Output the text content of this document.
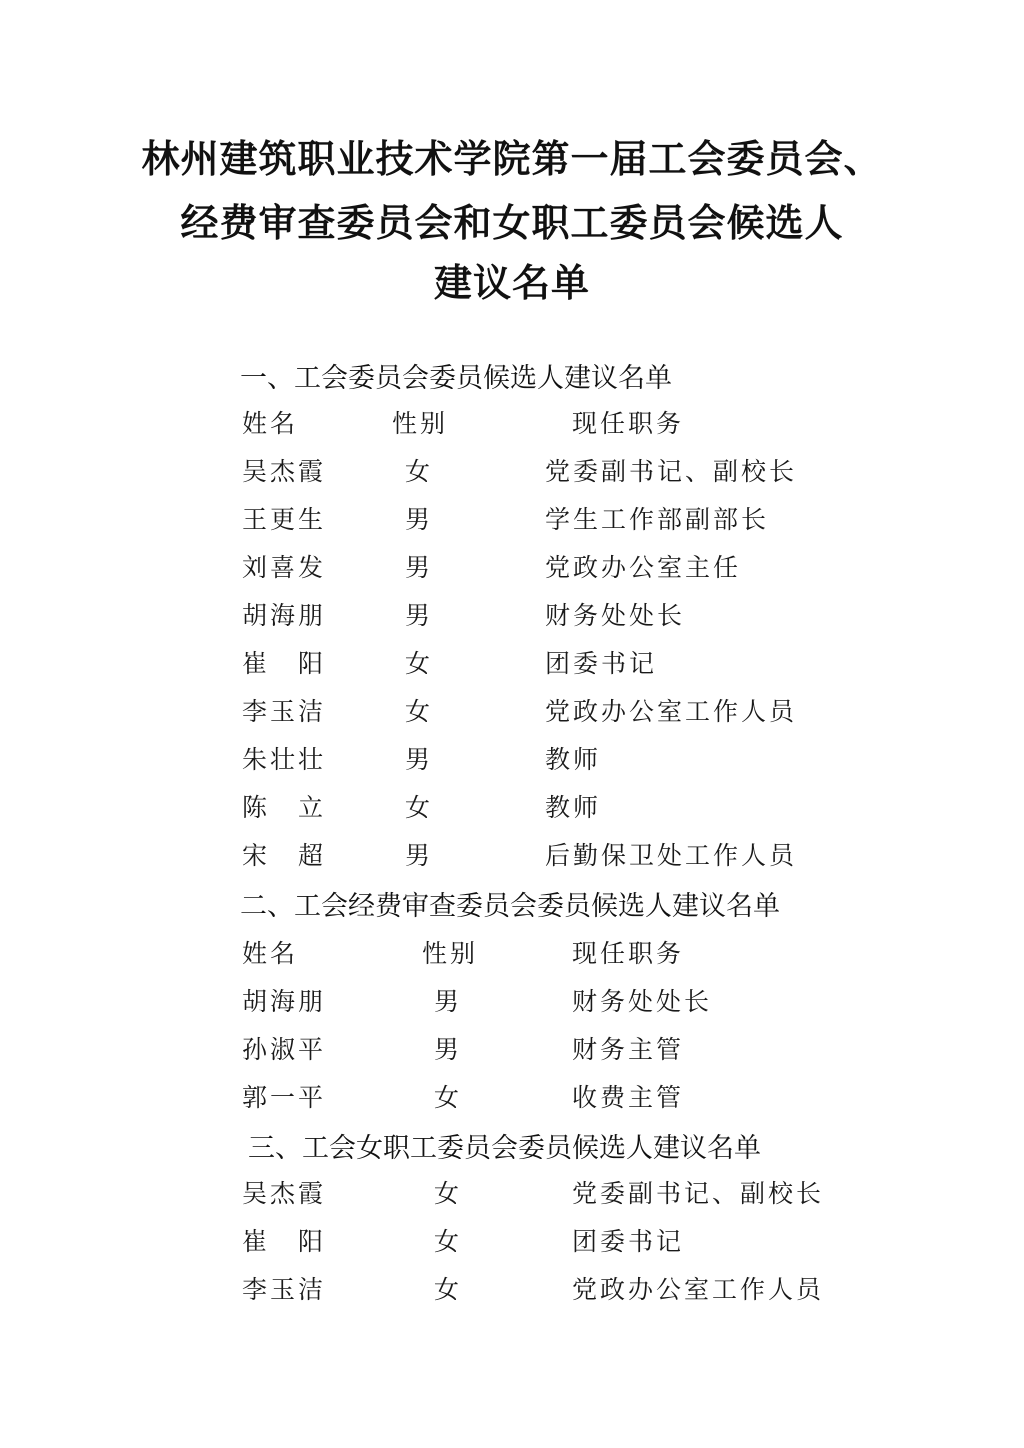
林州建筑职业技术学院第一届工会委员会、
经费审查委员会和女职工委员会候选人
建议名单
一、工会委员会委员候选人建议名单
姓名	性别	现任职务
吴杰霞	女	党委副书记、副校长
王更生	男	学生工作部副部长
刘喜发	男	党政办公室主任
胡海朋	男	财务处处长
崔　阳	女	团委书记
李玉洁	女	党政办公室工作人员
朱壮壮	男	教师
陈　立	女	教师
宋　超	男	后勤保卫处工作人员
二、工会经费审查委员会委员候选人建议名单
姓名	性别	现任职务
胡海朋	男	财务处处长
孙淑平	男	财务主管
郭一平	女	收费主管
三、工会女职工委员会委员候选人建议名单
吴杰霞	女	党委副书记、副校长
崔　阳	女	团委书记
李玉洁	女	党政办公室工作人员
